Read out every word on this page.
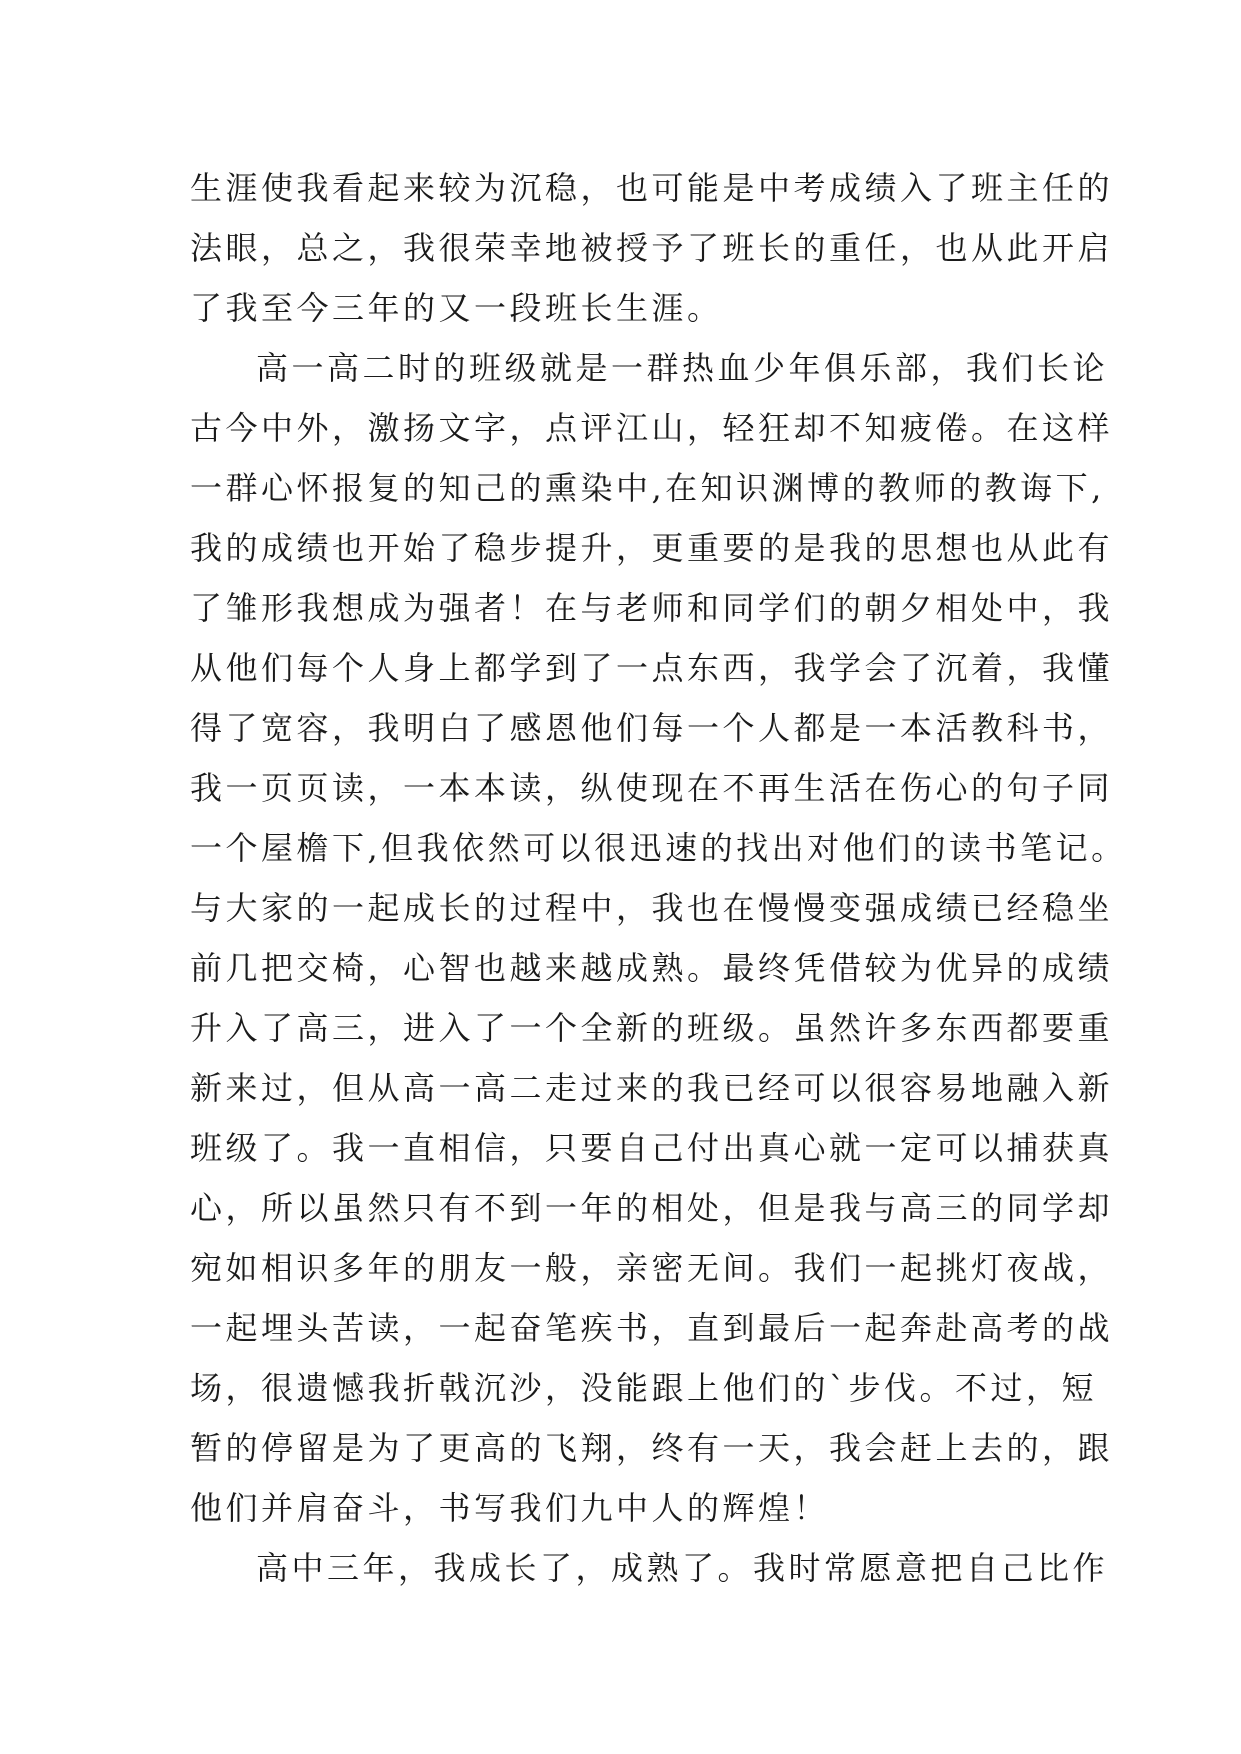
生涯使我看起来较为沉稳，也可能是中考成绩入了班主任的
法眼，总之，我很荣幸地被授予了班长的重任，也从此开启
了我至今三年的又一段班长生涯。
高一高二时的班级就是一群热血少年俱乐部，我们长论
古今中外，激扬文字，点评江山，轻狂却不知疲倦。在这样
一群心怀报复的知己的熏染中,在知识渊博的教师的教诲下,
我的成绩也开始了稳步提升，更重要的是我的思想也从此有
了雏形我想成为强者！在与老师和同学们的朝夕相处中，我
从他们每个人身上都学到了一点东西，我学会了沉着，我懂
得了宽容，我明白了感恩他们每一个人都是一本活教科书，
我一页页读，一本本读，纵使现在不再生活在伤心的句子同
一个屋檐下,但我依然可以很迅速的找出对他们的读书笔记。
与大家的一起成长的过程中，我也在慢慢变强成绩已经稳坐
前几把交椅，心智也越来越成熟。最终凭借较为优异的成绩
升入了高三，进入了一个全新的班级。虽然许多东西都要重
新来过，但从高一高二走过来的我已经可以很容易地融入新
班级了。我一直相信，只要自己付出真心就一定可以捕获真
心，所以虽然只有不到一年的相处，但是我与高三的同学却
宛如相识多年的朋友一般，亲密无间。我们一起挑灯夜战，
一起埋头苦读，一起奋笔疾书，直到最后一起奔赴高考的战
场，很遗憾我折戟沉沙，没能跟上他们的`步伐。不过，短
暂的停留是为了更高的飞翔，终有一天，我会赶上去的，跟
他们并肩奋斗，书写我们九中人的辉煌！
高中三年，我成长了，成熟了。我时常愿意把自己比作
